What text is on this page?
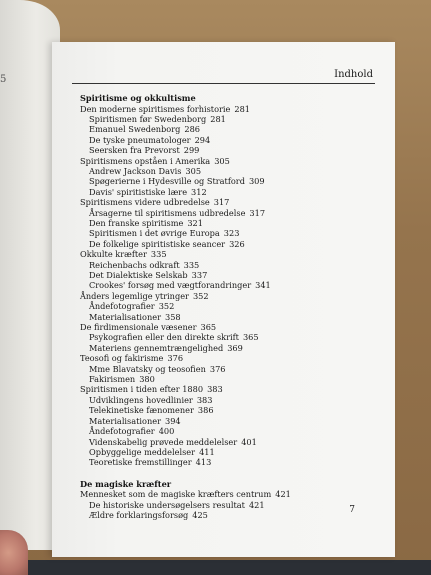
5	Indhold
Spiritisme og okkultisme
Den moderne spiritismes forhistorie 281
Spiritismen før Swedenborg 281
Emanuel Swedenborg 286
De tyske pneumatologer 294
Seersken fra Prevorst 299
Spiritismens opståen i Amerika 305
Andrew Jackson Davis 305
Spøgerierne i Hydesville og Stratford 309
Davis' spiritistiske lære 312
Spiritismens videre udbredelse 317
Årsagerne til spiritismens udbredelse 317
Den franske spiritisme 321
Spiritismen i det øvrige Europa 323
De folkelige spiritistiske seancer 326
Okkulte kræfter 335
Reichenbachs odkraft 335
Det Dialektiske Selskab 337
Crookes' forsøg med vægtforandringer 341
Ånders legemlige ytringer 352
Åndefotografier 352
Materialisationer 358
De firdimensionale væsener 365
Psykografien eller den direkte skrift 365
Materiens gennemtrængelighed 369
Teosofi og fakirisme 376
Mme Blavatsky og teosofien 376
Fakirismen 380
Spiritismen i tiden efter 1880 383
Udviklingens hovedlinier 383
Telekinetiske fænomener 386
Materialisationer 394
Åndefotografier 400
Videnskabelig prøvede meddelelser 401
Opbyggelige meddelelser 411
Teoretiske fremstillinger 413
De magiske kræfter
Mennesket som de magiske kræfters centrum 421
De historiske undersøgelsers resultat 421
Ældre forklaringsforsøg 425
7
